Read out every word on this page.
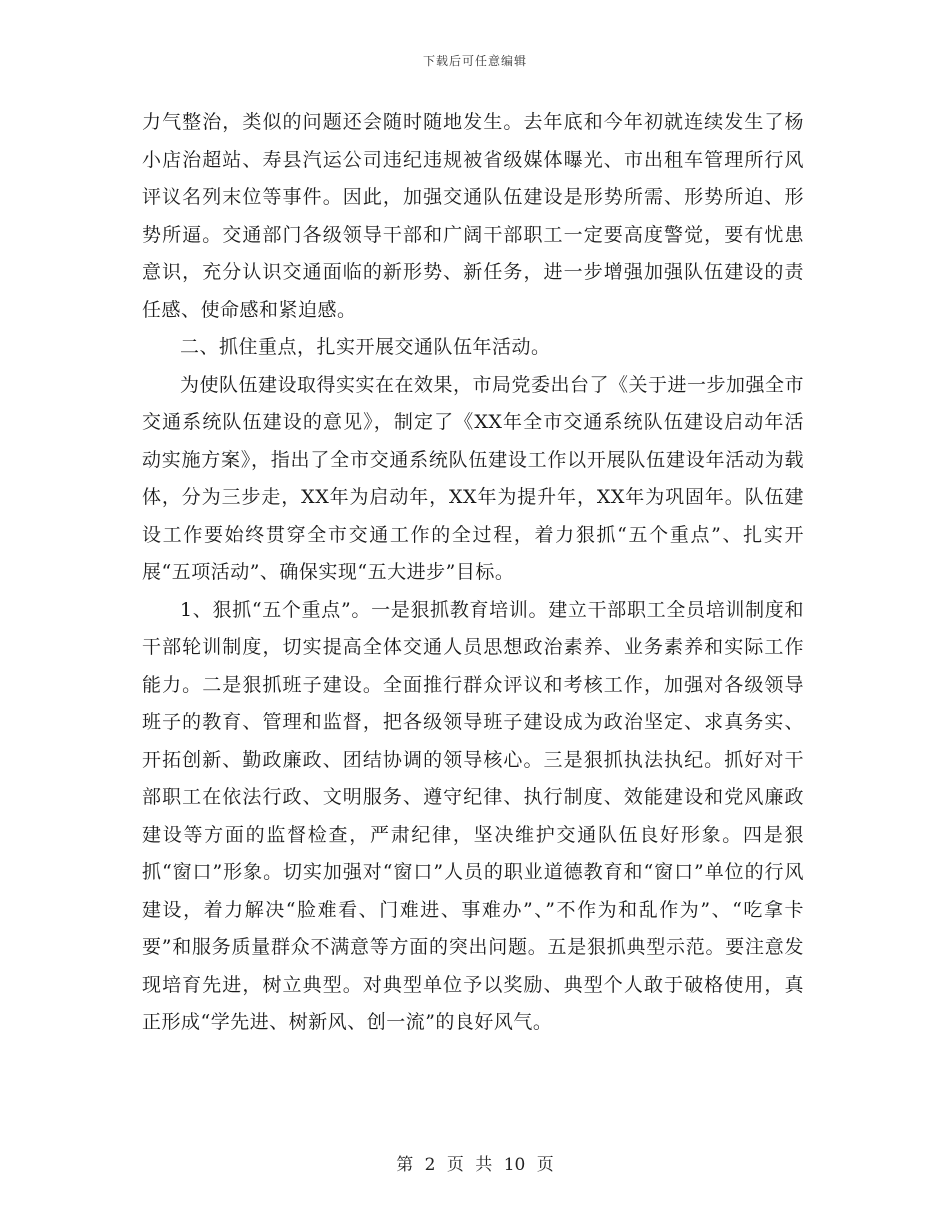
下载后可任意编辑

力气整治，类似的问题还会随时随地发生。去年底和今年初就连续发生了杨小店治超站、寿县汽运公司违纪违规被省级媒体曝光、市出租车管理所行风评议名列末位等事件。因此，加强交通队伍建设是形势所需、形势所迫、形势所逼。交通部门各级领导干部和广阔干部职工一定要高度警觉，要有忧患意识，充分认识交通面临的新形势、新任务，进一步增强加强队伍建设的责任感、使命感和紧迫感。

二、抓住重点，扎实开展交通队伍年活动。

为使队伍建设取得实实在在效果，市局党委出台了《关于进一步加强全市交通系统队伍建设的意见》，制定了《XX年全市交通系统队伍建设启动年活动实施方案》，指出了全市交通系统队伍建设工作以开展队伍建设年活动为载体，分为三步走，XX年为启动年，XX年为提升年，XX年为巩固年。队伍建设工作要始终贯穿全市交通工作的全过程，着力狠抓“五个重点”、扎实开展“五项活动”、确保实现“五大进步”目标。

1、狠抓“五个重点”。一是狠抓教育培训。建立干部职工全员培训制度和干部轮训制度，切实提高全体交通人员思想政治素养、业务素养和实际工作能力。二是狠抓班子建设。全面推行群众评议和考核工作，加强对各级领导班子的教育、管理和监督，把各级领导班子建设成为政治坚定、求真务实、开拓创新、勤政廉政、团结协调的领导核心。三是狠抓执法执纪。抓好对干部职工在依法行政、文明服务、遵守纪律、执行制度、效能建设和党风廉政建设等方面的监督检查，严肃纪律，坚决维护交通队伍良好形象。四是狠抓“窗口”形象。切实加强对“窗口”人员的职业道德教育和“窗口”单位的行风建设，着力解决“脸难看、门难进、事难办”、”不作为和乱作为”、“吃拿卡要”和服务质量群众不满意等方面的突出问题。五是狠抓典型示范。要注意发现培育先进，树立典型。对典型单位予以奖励、典型个人敢于破格使用，真正形成“学先进、树新风、创一流”的良好风气。

第 2 页 共 10 页
